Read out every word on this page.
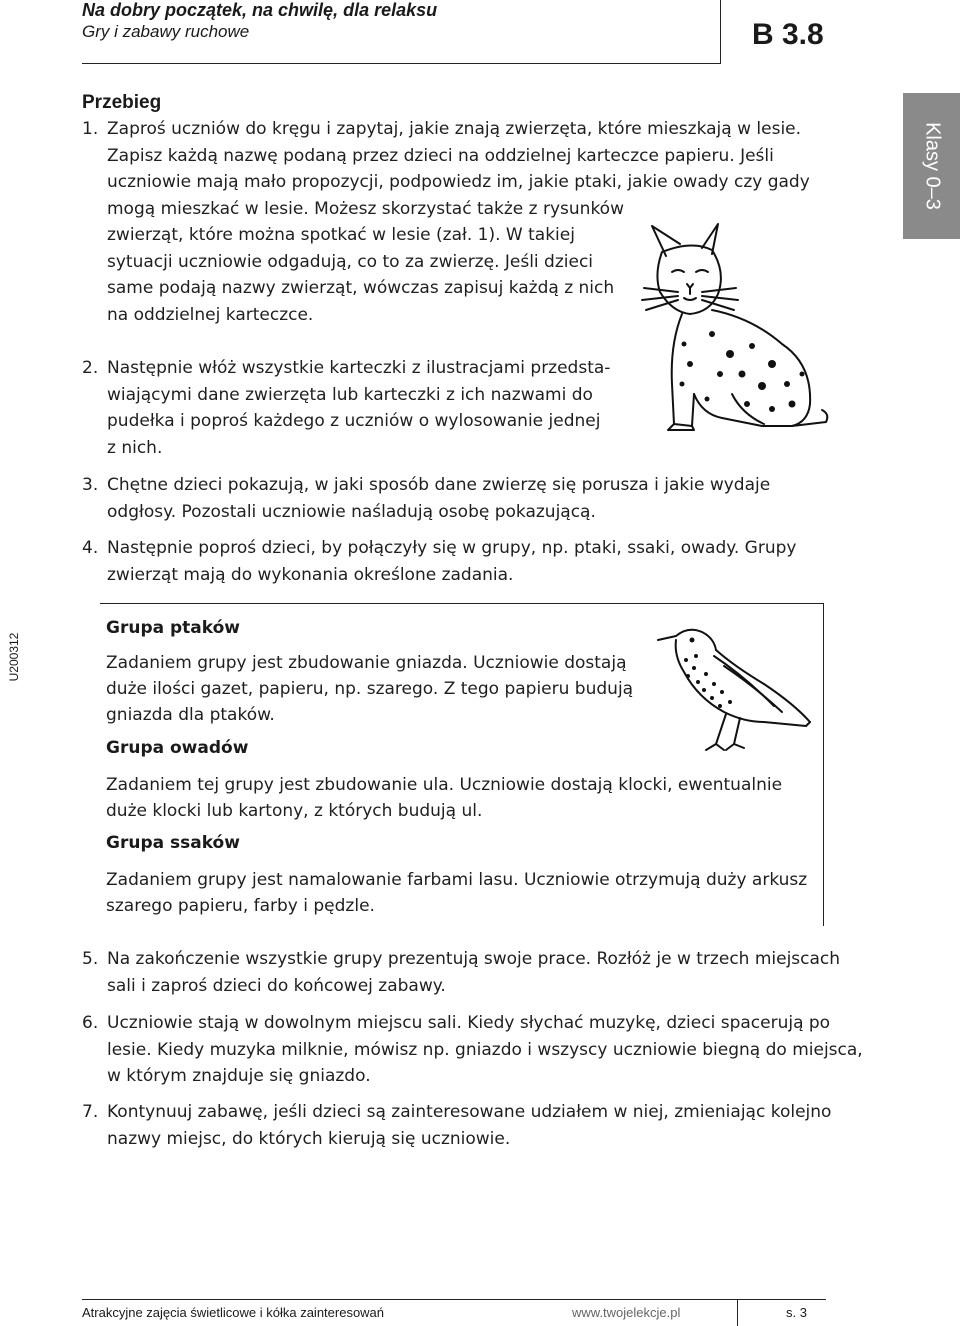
Na dobry początek, na chwilę, dla relaksu
Gry i zabawy ruchowe	B 3.8
Klasy 0–3
U200312
Przebieg
1. Zaproś uczniów do kręgu i zapytaj, jakie znają zwierzęta, które mieszkają w lesie.
Zapisz każdą nazwę podaną przez dzieci na oddzielnej karteczce papieru. Jeśli
uczniowie mają mało propozycji, podpowiedz im, jakie ptaki, jakie owady czy gady
mogą mieszkać w lesie. Możesz skorzystać także z rysunków
zwierząt, które można spotkać w lesie (zał. 1). W takiej
sytuacji uczniowie odgadują, co to za zwierzę. Jeśli dzieci
same podają nazwy zwierząt, wówczas zapisuj każdą z nich
na oddzielnej karteczce.
2. Następnie włóż wszystkie karteczki z ilustracjami przedsta-
wiającymi dane zwierzęta lub karteczki z ich nazwami do
pudełka i poproś każdego z uczniów o wylosowanie jednej
z nich.
3. Chętne dzieci pokazują, w jaki sposób dane zwierzę się porusza i jakie wydaje
odgłosy. Pozostali uczniowie naśladują osobę pokazującą.
4. Następnie poproś dzieci, by połączyły się w grupy, np. ptaki, ssaki, owady. Grupy
zwierząt mają do wykonania określone zadania.
Grupa ptaków
Zadaniem grupy jest zbudowanie gniazda. Uczniowie dostają
duże ilości gazet, papieru, np. szarego. Z tego papieru budują
gniazda dla ptaków.
Grupa owadów
Zadaniem tej grupy jest zbudowanie ula. Uczniowie dostają klocki, ewentualnie
duże klocki lub kartony, z których budują ul.
Grupa ssaków
Zadaniem grupy jest namalowanie farbami lasu. Uczniowie otrzymują duży arkusz
szarego papieru, farby i pędzle.
5. Na zakończenie wszystkie grupy prezentują swoje prace. Rozłóż je w trzech miejscach
sali i zaproś dzieci do końcowej zabawy.
6. Uczniowie stają w dowolnym miejscu sali. Kiedy słychać muzykę, dzieci spacerują po
lesie. Kiedy muzyka milknie, mówisz np. gniazdo i wszyscy uczniowie biegną do miejsca,
w którym znajduje się gniazdo.
7. Kontynuuj zabawę, jeśli dzieci są zainteresowane udziałem w niej, zmieniając kolejno
nazwy miejsc, do których kierują się uczniowie.
Atrakcyjne zajęcia świetlicowe i kółka zainteresowań	www.twojelekcje.pl	s. 3
